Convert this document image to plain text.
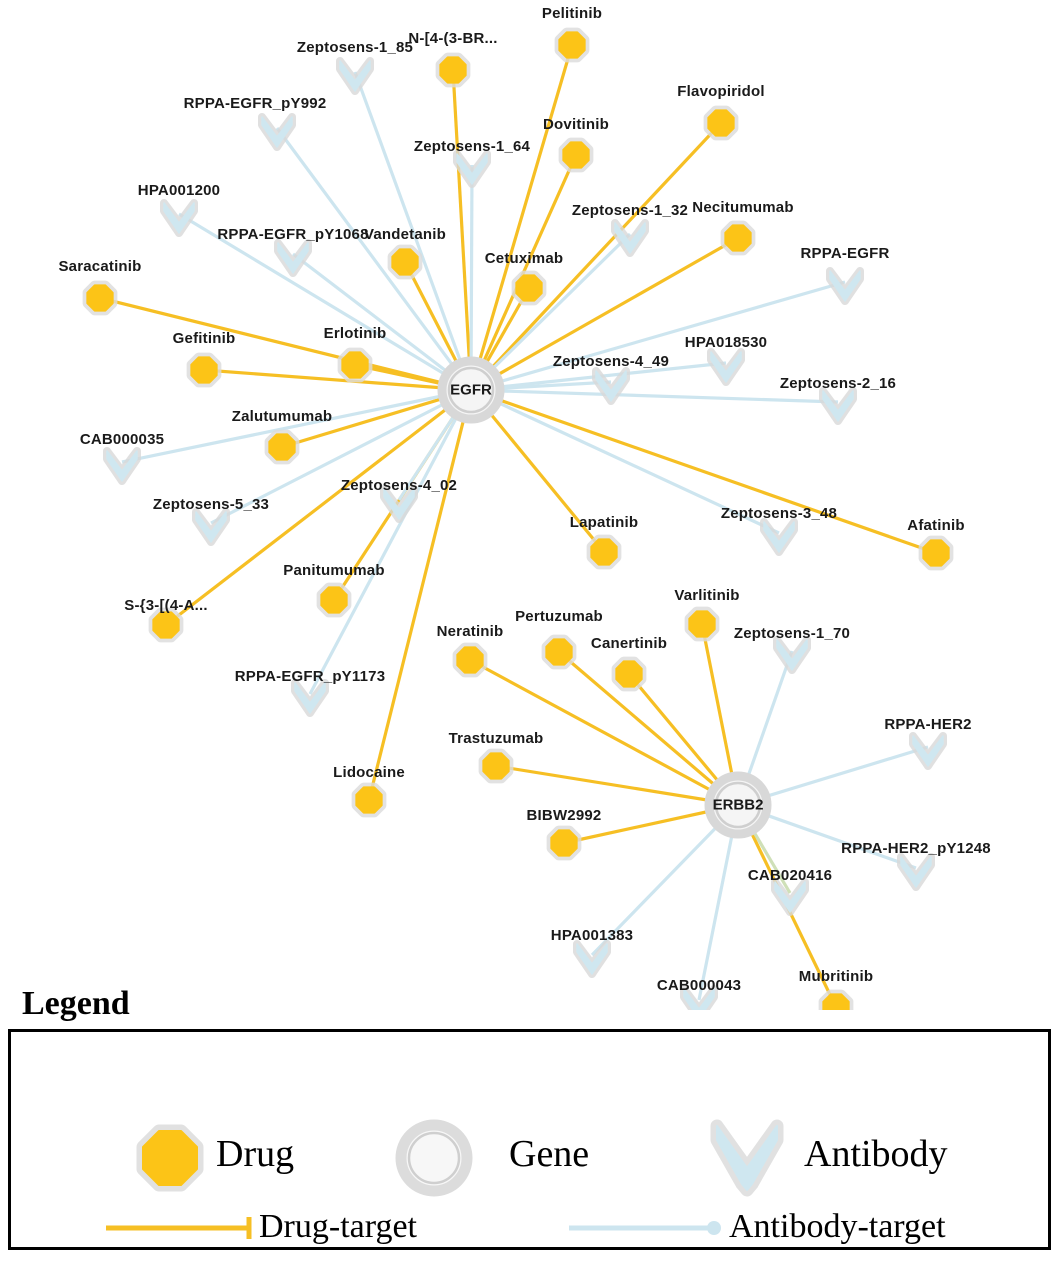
Pelitinib
N-[4-(3-BR...
Flavopiridol
Dovitinib
Necitumumab
Vandetanib
Cetuximab
Saracatinib
Erlotinib
Gefitinib
Zalutumumab
Afatinib
Lapatinib
Panitumumab
S-{3-[(4-A...
Varlitinib
Pertuzumab
Neratinib
Canertinib
Trastuzumab
Lidocaine
BIBW2992
Mubritinib
Zeptosens-1_85
RPPA-EGFR_pY992
Zeptosens-1_64
HPA001200
Zeptosens-1_32
RPPA-EGFR_pY1068
RPPA-EGFR
HPA018530
Zeptosens-4_49
Zeptosens-2_16
CAB000035
Zeptosens-4_02
Zeptosens-5_33
Zeptosens-3_48
Zeptosens-1_70
RPPA-EGFR_pY1173
RPPA-HER2
RPPA-HER2_pY1248
CAB020416
HPA001383
CAB000043
EGFR
ERBB2
Legend
Drug	Gene	Antibody
Drug-target	Antibody-target
